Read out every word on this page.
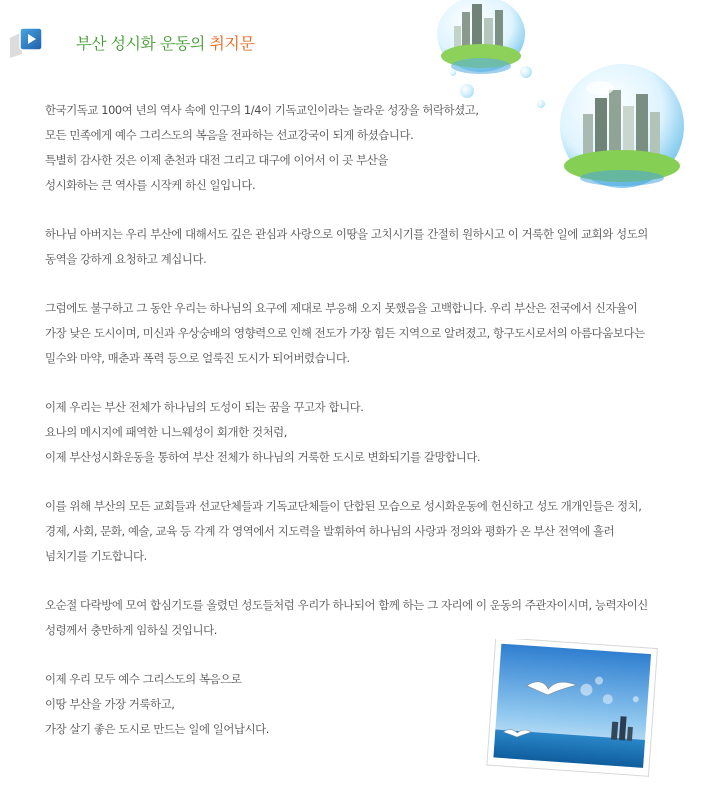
부산 성시화 운동의 취지문

한국기독교 100여 년의 역사 속에 인구의 1/4이 기독교인이라는 놀라운 성장을 허락하셨고,
모든 민족에게 예수 그리스도의 복음을 전파하는 선교강국이 되게 하셨습니다.
특별히 감사한 것은 이제 춘천과 대전 그리고 대구에 이어서 이 곳 부산을
성시화하는 큰 역사를 시작케 하신 일입니다.

하나님 아버지는 우리 부산에 대해서도 깊은 관심과 사랑으로 이땅을 고치시기를 간절히 원하시고 이 거룩한 일에 교회와 성도의
동역을 강하게 요청하고 계십니다.

그럼에도 불구하고 그 동안 우리는 하나님의 요구에 제대로 부응해 오지 못했음을 고백합니다. 우리 부산은 전국에서 신자율이
가장 낮은 도시이며, 미신과 우상숭배의 영향력으로 인해 전도가 가장 힘든 지역으로 알려졌고, 항구도시로서의 아름다움보다는
밀수와 마약, 매춘과 폭력 등으로 얼룩진 도시가 되어버렸습니다.

이제 우리는 부산 전체가 하나님의 도성이 되는 꿈을 꾸고자 합니다.
요나의 메시지에 패역한 니느웨성이 회개한 것처럼,
이제 부산성시화운동을 통하여 부산 전체가 하나님의 거룩한 도시로 변화되기를 갈망합니다.

이를 위해 부산의 모든 교회들과 선교단체들과 기독교단체들이 단합된 모습으로 성시화운동에 헌신하고 성도 개개인들은 정치,
경제, 사회, 문화, 예술, 교육 등 각계 각 영역에서 지도력을 발휘하여 하나님의 사랑과 정의와 평화가 온 부산 전역에 흘러
넘치기를 기도합니다.

오순절 다락방에 모여 합심기도를 올렸던 성도들처럼 우리가 하나되어 함께 하는 그 자리에 이 운동의 주관자이시며, 능력자이신
성령께서 충만하게 임하실 것입니다.

이제 우리 모두 예수 그리스도의 복음으로
이땅 부산을 가장 거룩하고,
가장 살기 좋은 도시로 만드는 일에 일어납시다.
